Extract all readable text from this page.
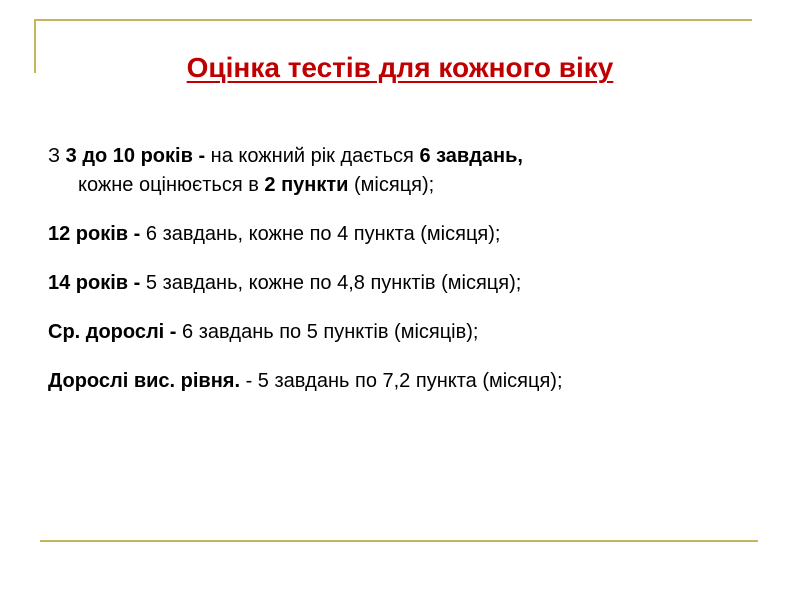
Оцінка тестів для кожного віку

З 3 до 10 років - на кожний рік дається 6 завдань,
кожне оцінюється в 2 пункти (місяця);

12 років - 6 завдань, кожне по 4 пункта (місяця);

14 років - 5 завдань, кожне по 4,8 пунктів (місяця);

Ср. дорослі - 6 завдань по 5 пунктів (місяців);

Дорослі вис. рівня. - 5 завдань по 7,2 пункта (місяця);
